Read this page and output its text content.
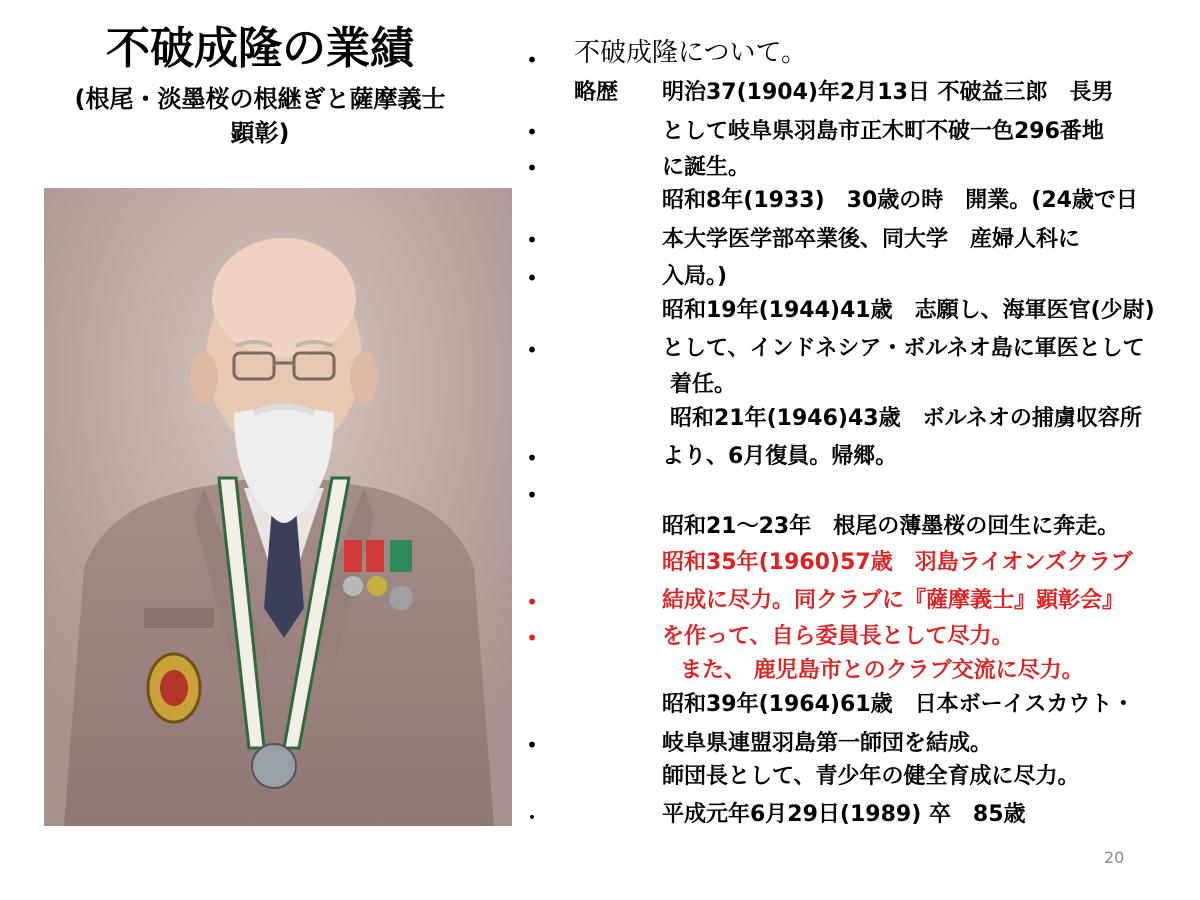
不破成隆の業績
(根尾・淡墨桜の根継ぎと薩摩義士
顕彰)
•
•
•
•
•
•
•
•
•
•
•
•
不破成隆について。
略歴 明治37(1904)年2月13日 不破益三郎　長男
として岐阜県羽島市正木町不破一色296番地
に誕生。
昭和8年(1933)　30歳の時　開業。(24歳で日
本大学医学部卒業後、同大学　産婦人科に
入局。)
昭和19年(1944)41歳　志願し、海軍医官(少尉)
として、インドネシア・ボルネオ島に軍医として
着任。
昭和21年(1946)43歳　ボルネオの捕虜収容所
より、6月復員。帰郷。
昭和21～23年　根尾の薄墨桜の回生に奔走。
昭和35年(1960)57歳　羽島ライオンズクラブ
結成に尽力。同クラブに『薩摩義士』顕彰会』
を作って、自ら委員長として尽力。
また、 鹿児島市とのクラブ交流に尽力。
昭和39年(1964)61歳　日本ボーイスカウト・
岐阜県連盟羽島第一師団を結成。
師団長として、青少年の健全育成に尽力。
平成元年6月29日(1989) 卒　85歳
20
